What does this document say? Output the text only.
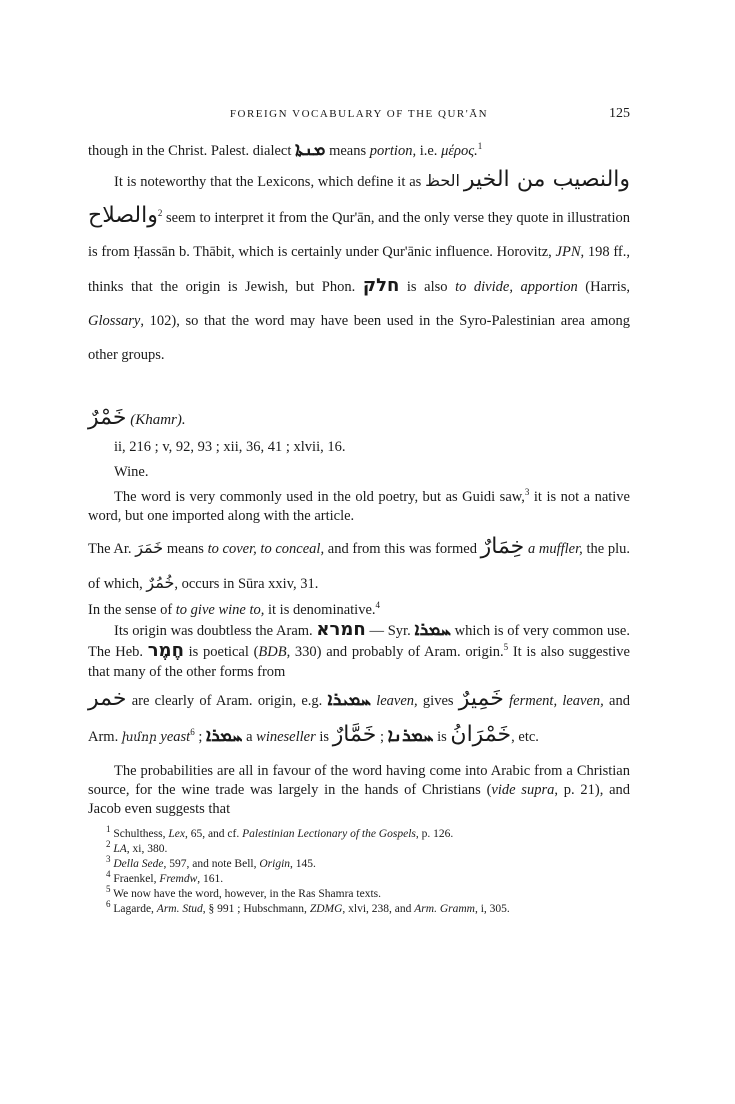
FOREIGN VOCABULARY OF THE QUR'ĀN	125

though in the Christ. Palest. dialect ܡܢܬܐ means portion, i.e. μέρος.$^1$

It is noteworthy that the Lexicons, which define it as الحظ والنصيب من الخير والصلاح$^2$ seem to interpret it from the Qur'ān, and the only verse they quote in illustration is from Ḥassān b. Thābit, which is certainly under Qur'ānic influence. Horovitz, JPN, 198 ff., thinks that the origin is Jewish, but Phon. חלק is also to divide, apportion (Harris, Glossary, 102), so that the word may have been used in the Syro-Palestinian area among other groups.

خَمْرٌ (Khamr).

ii, 216 ; v, 92, 93 ; xii, 36, 41 ; xlvii, 16.

Wine.

The word is very commonly used in the old poetry, but as Guidi saw,$^3$ it is not a native word, but one imported along with the article.

The Ar. خَمَرَ means to cover, to conceal, and from this was formed خِمَارٌ a muffler, the plu. of which, خُمُرٌ, occurs in Sūra xxiv, 31.

In the sense of to give wine to, it is denominative.$^4$

Its origin was doubtless the Aram. חמרא — Syr. ܚܡܪܐ which is of very common use. The Heb. חֶמֶר is poetical (BDB, 330) and probably of Aram. origin.$^5$ It is also suggestive that many of the other forms from

خمر are clearly of Aram. origin, e.g. ܚܡܝܪܐ leaven, gives خَمِيرٌ ferment, leaven, and Arm. խմոր yeast$^6$ ; ܚܡܪܐ a wineseller is خَمَّارٌ ; ܚܡܪܢܐ is خَمْرَانُ, etc.

The probabilities are all in favour of the word having come into Arabic from a Christian source, for the wine trade was largely in the hands of Christians (vide supra, p. 21), and Jacob even suggests that

$^1$ Schulthess, Lex, 65, and cf. Palestinian Lectionary of the Gospels, p. 126.

$^2$ LA, xi, 380.

$^3$ Della Sede, 597, and note Bell, Origin, 145.

$^4$ Fraenkel, Fremdw, 161.

$^5$ We now have the word, however, in the Ras Shamra texts.

$^6$ Lagarde, Arm. Stud, § 991 ; Hubschmann, ZDMG, xlvi, 238, and Arm. Gramm, i, 305.
